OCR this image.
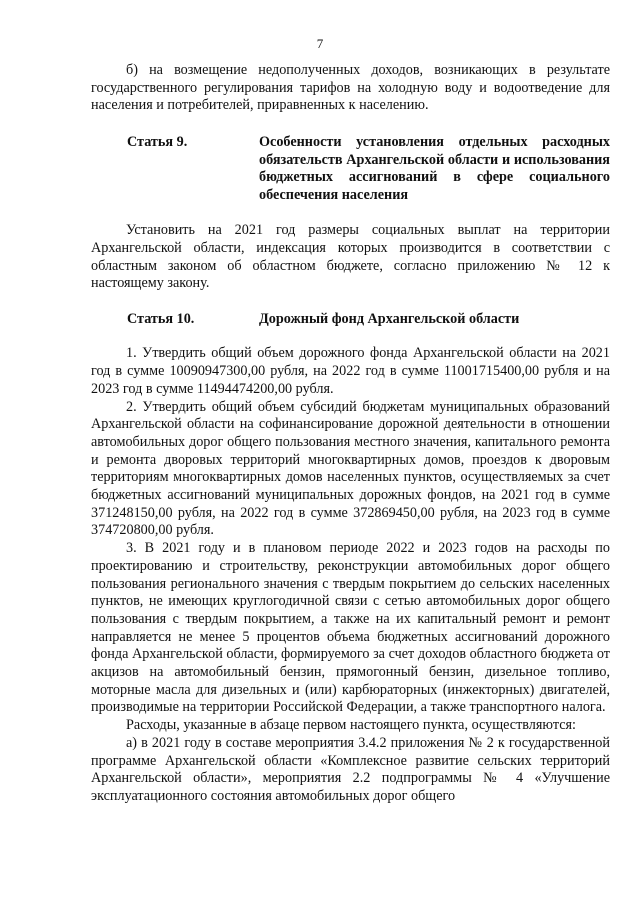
7

б) на возмещение недополученных доходов, возникающих в результате государственного регулирования тарифов на холодную воду и водоотведение для населения и потребителей, приравненных к населению.

Статья 9.	Особенности установления отдельных расходных обязательств Архангельской области и использования бюджетных ассигнований в сфере социального обеспечения населения

Установить на 2021 год размеры социальных выплат на территории Архангельской области, индексация которых производится в соответствии с областным законом об областном бюджете, согласно приложению № 12 к настоящему закону.

Статья 10.	Дорожный фонд Архангельской области

1. Утвердить общий объем дорожного фонда Архангельской области на 2021 год в сумме 10090947300,00 рубля, на 2022 год в сумме 11001715400,00 рубля и на 2023 год в сумме 11494474200,00 рубля.

2. Утвердить общий объем субсидий бюджетам муниципальных образований Архангельской области на софинансирование дорожной деятельности в отношении автомобильных дорог общего пользования местного значения, капитального ремонта и ремонта дворовых территорий многоквартирных домов, проездов к дворовым территориям многоквартирных домов населенных пунктов, осуществляемых за счет бюджетных ассигнований муниципальных дорожных фондов, на 2021 год в сумме 371248150,00 рубля, на 2022 год в сумме 372869450,00 рубля, на 2023 год в сумме 374720800,00 рубля.

3. В 2021 году и в плановом периоде 2022 и 2023 годов на расходы по проектированию и строительству, реконструкции автомобильных дорог общего пользования регионального значения с твердым покрытием до сельских населенных пунктов, не имеющих круглогодичной связи с сетью автомобильных дорог общего пользования с твердым покрытием, а также на их капитальный ремонт и ремонт направляется не менее 5 процентов объема бюджетных ассигнований дорожного фонда Архангельской области, формируемого за счет доходов областного бюджета от акцизов на автомобильный бензин, прямогонный бензин, дизельное топливо, моторные масла для дизельных и (или) карбюраторных (инжекторных) двигателей, производимые на территории Российской Федерации, а также транспортного налога.

Расходы, указанные в абзаце первом настоящего пункта, осуществляются:

а) в 2021 году в составе мероприятия 3.4.2 приложения № 2 к государственной программе Архангельской области «Комплексное развитие сельских территорий Архангельской области», мероприятия 2.2 подпрограммы № 4 «Улучшение эксплуатационного состояния автомобильных дорог общего
